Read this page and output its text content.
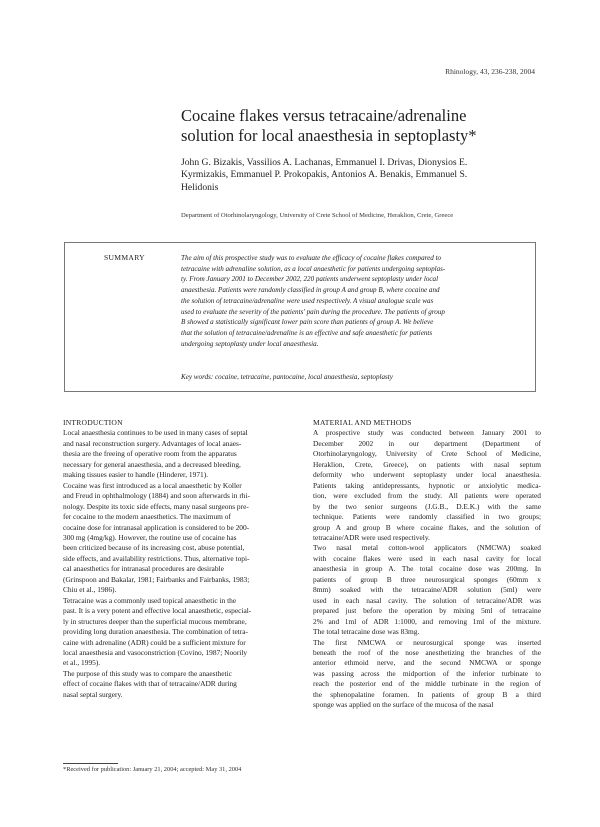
Rhinology, 43, 236-238, 2004
Cocaine flakes versus tetracaine/adrenaline
solution for local anaesthesia in septoplasty*
John G. Bizakis, Vassilios A. Lachanas, Emmanuel I. Drivas, Dionysios E.
Kyrmizakis, Emmanuel P. Prokopakis, Antonios A. Benakis, Emmanuel S.
Helidonis
Department of Otorhinolaryngology, University of Crete School of Medicine, Heraklion, Crete, Greece
SUMMARY	The aim of this prospective study was to evaluate the efficacy of cocaine flakes compared to
tetracaine with adrenaline solution, as a local anaesthetic for patients undergoing septoplas-
ty. From January 2001 to December 2002, 220 patients underwent septoplasty under local
anaesthesia. Patients were randomly classified in group A and group B, where cocaine and
the solution of tetracaine/adrenaline were used respectively. A visual analogue scale was
used to evaluate the severity of the patients' pain during the procedure. The patients of group
B showed a statistically significant lower pain score than patients of group A. We believe
that the solution of tetracaine/adrenaline is an effective and safe anaesthetic for patients
undergoing septoplasty under local anaesthesia.
Key words: cocaine, tetracaine, pantocaine, local anaesthesia, septoplasty
INTRODUCTION
Local anaesthesia continues to be used in many cases of septal
and nasal reconstruction surgery. Advantages of local anaes-
thesia are the freeing of operative room from the apparatus
necessary for general anaesthesia, and a decreased bleeding,
making tissues easier to handle (Hinderer, 1971).
Cocaine was first introduced as a local anaesthetic by Koller
and Freud in ophthalmology (1884) and soon afterwards in rhi-
nology. Despite its toxic side effects, many nasal surgeons pre-
fer cocaine to the modern anaesthetics. The maximum of
cocaine dose for intranasal application is considered to be 200-
300 mg (4mg/kg). However, the routine use of cocaine has
been criticized because of its increasing cost, abuse potential,
side effects, and availability restrictions. Thus, alternative topi-
cal anaesthetics for intranasal procedures are desirable
(Grinspoon and Bakalar, 1981; Fairbanks and Fairbanks, 1983;
Chiu et al., 1986).
Tetracaine was a commonly used topical anaesthetic in the
past. It is a very potent and effective local anaesthetic, especial-
ly in structures deeper than the superficial mucous membrane,
providing long duration anaesthesia. The combination of tetra-
caine with adrenaline (ADR) could be a sufficient mixture for
local anaesthesia and vasoconstriction (Covino, 1987; Noorily
et al., 1995).
The purpose of this study was to compare the anaesthetic
effect of cocaine flakes with that of tetracaine/ADR during
nasal septal surgery.
MATERIAL AND METHODS
A prospective study was conducted between January 2001 to
December 2002 in our department (Department of
Otorhinolaryngology, University of Crete School of Medicine,
Heraklion, Crete, Greece), on patients with nasal septum
deformity who underwent septoplasty under local anaesthesia.
Patients taking antidepressants, hypnotic or anxiolytic medica-
tion, were excluded from the study. All patients were operated
by the two senior surgeons (J.G.B., D.E.K.) with the same
technique. Patients were randomly classified in two groups;
group A and group B where cocaine flakes, and the solution of
tetracaine/ADR were used respectively.
Two nasal metal cotton-wool applicators (NMCWA) soaked
with cocaine flakes were used in each nasal cavity for local
anaesthesia in group A. The total cocaine dose was 200mg. In
patients of group B three neurosurgical sponges (60mm x
8mm) soaked with the tetracaine/ADR solution (5ml) were
used in each nasal cavity. The solution of tetracaine/ADR was
prepared just before the operation by mixing 5ml of tetracaine
2% and 1ml of ADR 1:1000, and removing 1ml of the mixture.
The total tetracaine dose was 83mg.
The first NMCWA or neurosurgical sponge was inserted
beneath the roof of the nose anesthetizing the branches of the
anterior ethmoid nerve, and the second NMCWA or sponge
was passing across the midportion of the inferior turbinate to
reach the posterior end of the middle turbinate in the region of
the sphenopalatine foramen. In patients of group B a third
sponge was applied on the surface of the mucosa of the nasal
*Received for publication: January 21, 2004; accepted: May 31, 2004
